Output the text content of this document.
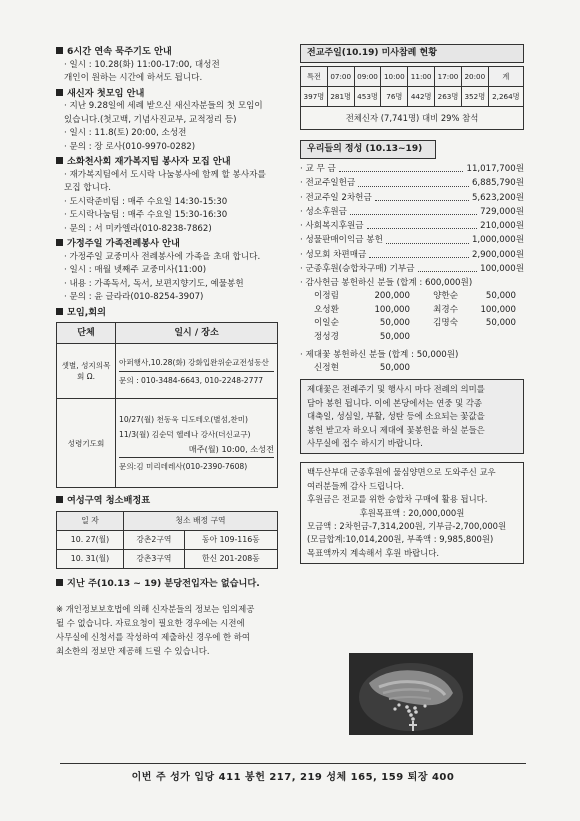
6시간 연속 묵주기도 안내
· 일시 : 10.28(화) 11:00-17:00, 대성전
개인이 원하는 시간에 하셔도 됩니다.
새신자 첫모임 안내
· 지난 9.28일에 세례 받으신 새신자분들의 첫 모임이
있습니다.(첫고백, 기념사진교부, 교적정리 등)
· 일시 : 11.8(토) 20:00, 소성전
· 문의 : 장 로사(010-9970-0282)
소화천사회 재가복지팀 봉사자 모집 안내
· 재가복지팀에서 도시락 나눔봉사에 함께 할 봉사자를
모집 합니다.
· 도시락준비팀 : 매주 수요일 14:30-15:30
· 도시락나눔팀 : 매주 수요일 15:30-16:30
· 문의 : 서 미카엘라(010-8238-7862)
가정주일 가족전례봉사 안내
· 가정주일 교중미사 전례봉사에 가족을 초대 합니다.
· 일시 : 매월 넷째주 교중미사(11:00)
· 내용 : 가족독서, 독서, 보편지향기도, 예물봉헌
· 문의 : 윤 글라라(010-8254-3907)
모임,회의
단체	일시 / 장소
셋별, 성지의목회 Ω.	아퍼행사,10.28(화) 강화입완위순교전성동산
문의 : 010-3484-6643, 010-2248-2777

성령기도회	10/27(월) 천동욱 디도테오(별섬,찬미)
11/3(월) 김순덕 헬레나 강사(더신교구)
매주(월) 10:00, 소성전
문의:김 미리데레사(010-2390-7608)
여성구역 청소배정표
일 자	청소 배정 구역	
10. 27(월)	강촌2구역	동아 109-116동
10. 31(월)	강촌3구역	한신 201-208동
지난 주(10.13 ~ 19) 분당전입자는 없습니다.
※ 개인정보보호법에 의해 신자분들의 정보는 임의제공
될 수 없습니다. 자료요청이 필요한 경우에는 시전에
사무실에 신청서를 작성하여 제출하신 경우에 한 하여
최소한의 정보만 제공해 드릴 수 있습니다.
전교주일(10.19) 미사참례 현황
특전	07:00	09:00	10:00	11:00	17:00	20:00	계
397명	281명	453명	76명	442명	263명	352명	2,264명
전체신자 (7,741명) 대비 29% 참석							
우리들의 정성 (10.13~19)
· 교 무 금	11,017,700원
· 전교주일헌금	6,885,790원
· 전교주일 2차헌금	5,623,200원
· 성소후원금	729,000원
· 사회복지후원금	210,000원
· 성물판매이익금 봉헌	1,000,000원
· 성모회 차편매금	2,900,000원
· 군종후원(승합차구매) 기부금	100,000원
· 감사헌금 봉헌하신 분들 (합계 : 600,000원)
이정림	200,000	양한순	50,000
오성환	100,000	최경수	100,000
이일순	50,000	김명숙	50,000
정성경	50,000
· 제대꽃 봉헌하신 분들 (합계 : 50,000원)
신정현	50,000
제대꽃은 전례주기 및 행사시 마다 전례의 의미를
담아 봉헌 됩니다. 이에 본당에서는 연중 및 각종
대축일, 성심일, 부활, 성탄 등에 소요되는 꽃값을
봉헌 받고자 하오니 제대에 꽃봉헌을 하실 분들은
사무실에 접수 하시기 바랍니다.
백두산부대 군종후원에 물심양면으로 도와주신 교우
여러분들께 감사 드립니다.
후원금은 전교를 위한 승합차 구매에 활용 됩니다.
후원목표액 : 20,000,000원
모금액 : 2차헌금-7,314,200원, 기부금-2,700,000원
(모금합계:10,014,200원, 부족액 : 9,985,800원)
목표액까지 계속해서 후원 바랍니다.
이번 주 성가 입당 411 봉헌 217, 219 성체 165, 159 퇴장 400
